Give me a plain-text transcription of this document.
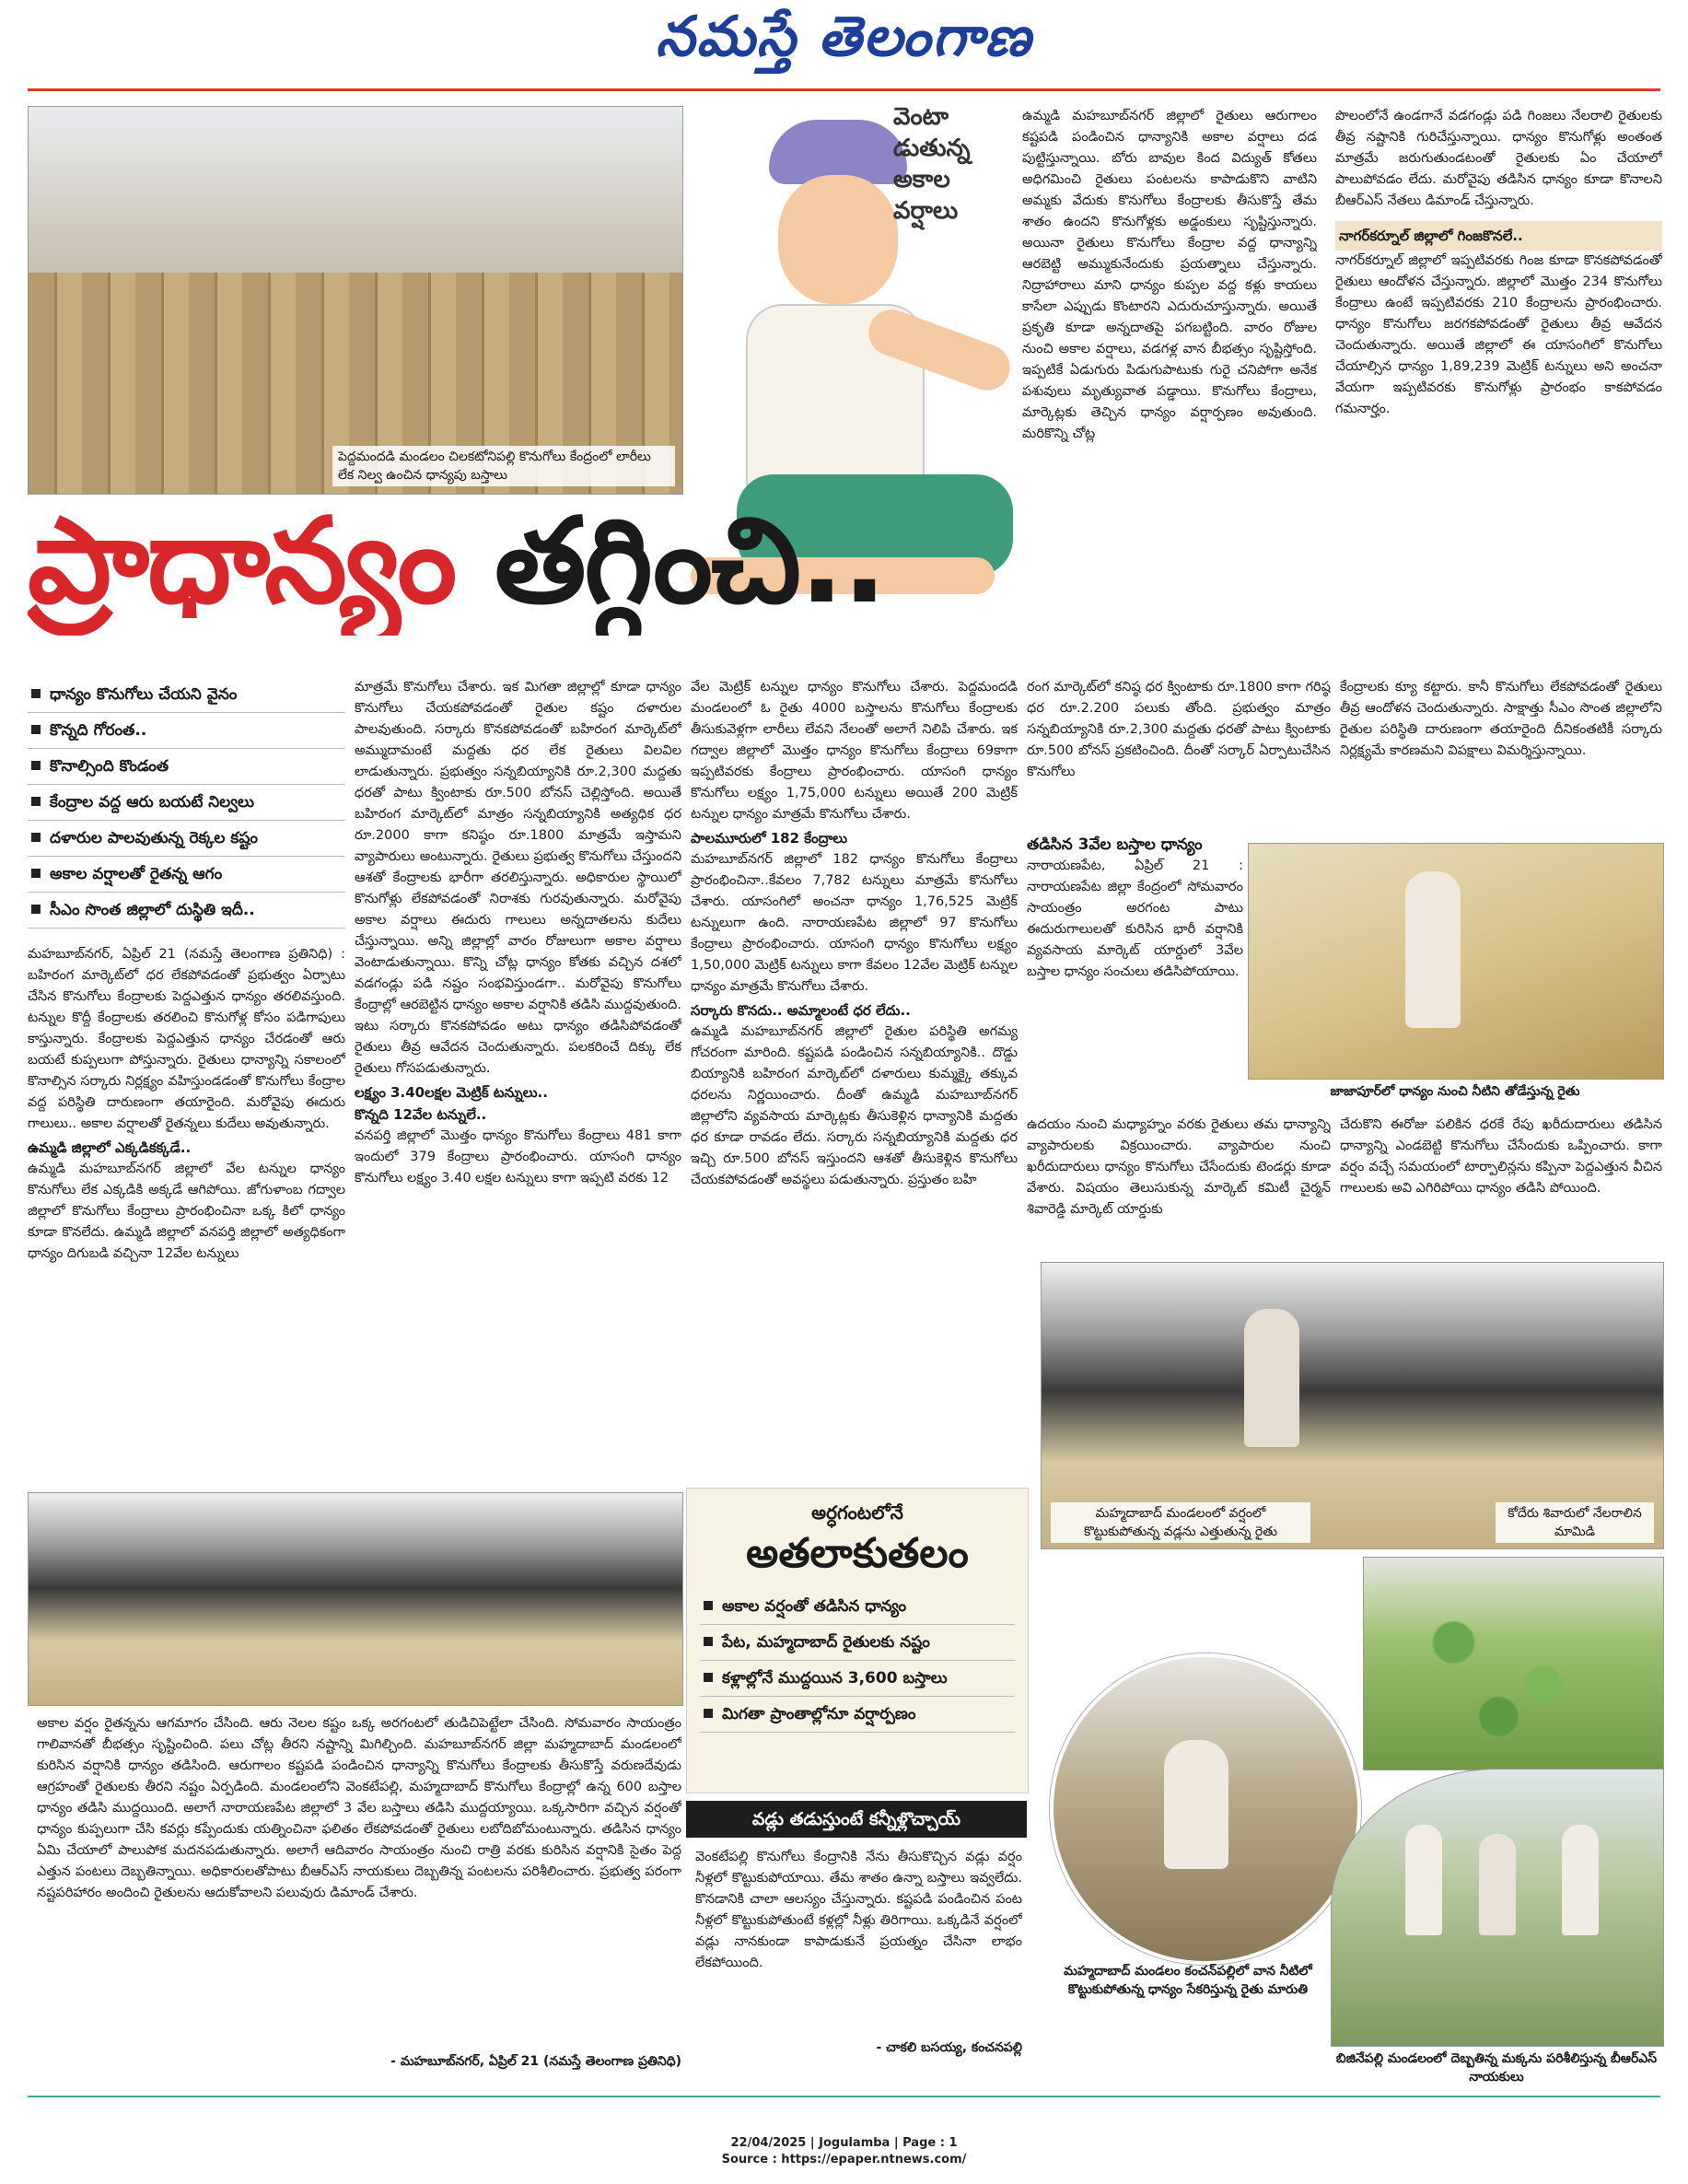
నమస్తే తెలంగాణ
పెద్దమందడి మండలం చిలకటోనిపల్లి కొనుగోలు కేంద్రంలో లారీలు లేక నిల్వ ఉంచిన ధాన్యపు బస్తాలు
వెంటా
డుతున్న
అకాల
వర్షాలు
ప్రాధాన్యం తగ్గించి..

ఉమ్మడి మహబూబ్‌నగర్‌ జిల్లాలో రైతులు ఆరుగాలం కష్టపడి పండించిన ధాన్యానికి అకాల వర్షాలు దడ పుట్టిస్తున్నాయి. బోరు బావుల కింద విద్యుత్‌ కోతలు అధిగమించి రైతులు పంటలను కాపాడుకొని వాటిని అమ్మకు వేదుకు కొనుగోలు కేంద్రాలకు తీసుకొస్తే తేమ శాతం ఉందని కొనుగోళ్లకు అడ్డంకులు సృష్టిస్తున్నారు. అయినా రైతులు కొనుగోలు కేంద్రాల వద్ద ధాన్యాన్ని ఆరబెట్టి అమ్ముకునేందుకు ప్రయత్నాలు చేస్తున్నారు. నిద్రాహారాలు మాని ధాన్యం కుప్పల వద్ద కళ్లు కాయలు కాసేలా ఎప్పుడు కొంటారని ఎదురుచూస్తున్నారు. అయితే ప్రకృతి కూడా అన్నదాతపై పగబట్టింది. వారం రోజుల నుంచి అకాల వర్షాలు, వడగళ్ల వాన బీభత్సం సృష్టిస్తోంది. ఇప్పటికే ఏడుగురు పిడుగుపాటుకు గురై చనిపోగా అనేక పశువులు మృత్యువాత పడ్డాయి. కొనుగోలు కేంద్రాలు, మార్కెట్లకు తెచ్చిన ధాన్యం వర్షార్పణం అవుతుంది. మరికొన్ని చోట్ల

పొలంలోనే ఉండగానే వడగండ్లు పడి గింజలు నేలరాలి రైతులకు తీవ్ర నష్టానికి గురిచేస్తున్నాయి. ధాన్యం కొనుగోళ్లు అంతంత మాత్రమే జరుగుతుండటంతో రైతులకు ఏం చేయాలో పాలుపోవడం లేదు. మరోవైపు తడిసిన ధాన్యం కూడా కొనాలని బీఆర్‌ఎస్‌ నేతలు డిమాండ్‌ చేస్తున్నారు.

నాగర్‌కర్నూల్‌ జిల్లాలో గింజకొనలే..

నాగర్‌కర్నూల్‌ జిల్లాలో ఇప్పటివరకు గింజ కూడా కొనకపోవడంతో రైతులు ఆందోళన చేస్తున్నారు. జిల్లాలో మొత్తం 234 కొనుగోలు కేంద్రాలు ఉంటే ఇప్పటివరకు 210 కేంద్రాలను ప్రారంభించారు. ధాన్యం కొనుగోలు జరగకపోవడంతో రైతులు తీవ్ర ఆవేదన చెందుతున్నారు. అయితే జిల్లాలో ఈ యాసంగిలో కొనుగోలు చేయాల్సిన ధాన్యం 1,89,239 మెట్రిక్‌ టన్నులు అని అంచనా వేయగా ఇప్పటివరకు కొనుగోళ్లు ప్రారంభం కాకపోవడం గమనార్హం.

ధాన్యం కొనుగోలు చేయని వైనం
కొన్నది గోరంత..
కొనాల్సింది కొండంత
కేంద్రాల వద్ద ఆరు బయటే నిల్వలు
దళారుల పాలవుతున్న రెక్కల కష్టం
అకాల వర్షాలతో రైతన్న ఆగం
సీఎం సొంత జిల్లాలో దుస్థితి ఇదీ..

మహబూబ్‌నగర్‌, ఏప్రిల్‌ 21 (నమస్తే తెలంగాణ ప్రతినిధి) : బహిరంగ మార్కెట్‌లో ధర లేకపోవడంతో ప్రభుత్వం ఏర్పాటు చేసిన కొనుగోలు కేంద్రాలకు పెద్దఎత్తున ధాన్యం తరలివస్తుంది. టన్నుల కొద్దీ కేంద్రాలకు తరలించి కొనుగోళ్ల కోసం పడిగాపులు కాస్తున్నారు. కేంద్రాలకు పెద్దఎత్తున ధాన్యం చేరడంతో ఆరు బయటే కుప్పలుగా పోస్తున్నారు. రైతులు ధాన్యాన్ని సకాలంలో కొనాల్సిన సర్కారు నిర్లక్ష్యం వహిస్తుండడంతో కొనుగోలు కేంద్రాల వద్ద పరిస్థితి దారుణంగా తయారైంది. మరోవైపు ఈదురు గాలులు.. అకాల వర్షాలతో రైతన్నలు కుదేలు అవుతున్నారు.

ఉమ్మడి జిల్లాలో ఎక్కడికక్కడే..

ఉమ్మడి మహబూబ్‌నగర్‌ జిల్లాలో వేల టన్నుల ధాన్యం కొనుగోలు లేక ఎక్కడికి అక్కడే ఆగిపోయి. జోగుళాంబ గద్వాల జిల్లాలో కొనుగోలు కేంద్రాలు ప్రారంభించినా ఒక్క కిలో ధాన్యం కూడా కొనలేదు. ఉమ్మడి జిల్లాలో వనపర్తి జిల్లాలో అత్యధికంగా ధాన్యం దిగుబడి వచ్చినా 12వేల టన్నులు

మాత్రమే కొనుగోలు చేశారు. ఇక మిగతా జిల్లాల్లో కూడా ధాన్యం కొనుగోలు చేయకపోవడంతో రైతుల కష్టం దళారుల పాలవుతుంది. సర్కారు కొనకపోవడంతో బహిరంగ మార్కెట్‌లో అమ్ముదామంటే మద్దతు ధర లేక రైతులు విలవిల లాడుతున్నారు. ప్రభుత్వం సన్నబియ్యానికి రూ.2,300 మద్దతు ధరతో పాటు క్వింటాకు రూ.500 బోనస్‌ చెల్లిస్తోంది. అయితే బహిరంగ మార్కెట్‌లో మాత్రం సన్నబియ్యానికి అత్యధిక ధర రూ.2000 కాగా కనిష్ఠం రూ.1800 మాత్రమే ఇస్తామని వ్యాపారులు అంటున్నారు. రైతులు ప్రభుత్వ కొనుగోలు చేస్తుందని ఆశతో కేంద్రాలకు భారీగా తరలిస్తున్నారు. అధికారుల స్థాయిలో కొనుగోళ్లు లేకపోవడంతో నిరాశకు గురవుతున్నారు. మరోవైపు అకాల వర్షాలు ఈదురు గాలులు అన్నదాతలను కుదేలు చేస్తున్నాయి. అన్ని జిల్లాల్లో వారం రోజులుగా అకాల వర్షాలు వెంటాడుతున్నాయి. కొన్ని చోట్ల ధాన్యం కోతకు వచ్చిన దశలో వడగండ్లు పడి నష్టం సంభవిస్తుండగా.. మరోవైపు కొనుగోలు కేంద్రాల్లో ఆరబెట్టిన ధాన్యం అకాల వర్షానికి తడిసి ముద్దవుతుంది. ఇటు సర్కారు కొనకపోవడం అటు ధాన్యం తడిసిపోవడంతో రైతులు తీవ్ర ఆవేదన చెందుతున్నారు. పలకరించే దిక్కు లేక రైతులు గోసపడుతున్నారు.

లక్ష్యం 3.40లక్షల మెట్రిక్‌ టన్నులు..
కొన్నది 12వేల టన్నులే..

వనపర్తి జిల్లాలో మొత్తం ధాన్యం కొనుగోలు కేంద్రాలు 481 కాగా ఇందులో 379 కేంద్రాలు ప్రారంభించారు. యాసంగి ధాన్యం కొనుగోలు లక్ష్యం 3.40 లక్షల టన్నులు కాగా ఇప్పటి వరకు 12

వేల మెట్రిక్‌ టన్నుల ధాన్యం కొనుగోలు చేశారు. పెద్దమందడి మండలంలో ఓ రైతు 4000 బస్తాలను కొనుగోలు కేంద్రాలకు తీసుకువెళ్లగా లారీలు లేవని నేలంతో అలాగే నిలిపి చేశారు. ఇక గద్వాల జిల్లాలో మొత్తం ధాన్యం కొనుగోలు కేంద్రాలు 69కాగా ఇప్పటివరకు కేంద్రాలు ప్రారంభించారు. యాసంగి ధాన్యం కొనుగోలు లక్ష్యం 1,75,000 టన్నులు అయితే 200 మెట్రిక్‌ టన్నుల ధాన్యం మాత్రమే కొనుగోలు చేశారు.

పాలమూరులో 182 కేంద్రాలు

మహబూబ్‌నగర్‌ జిల్లాలో 182 ధాన్యం కొనుగోలు కేంద్రాలు ప్రారంభించినా..కేవలం 7,782 టన్నులు మాత్రమే కొనుగోలు చేశారు. యాసంగిలో అంచనా ధాన్యం 1,76,525 మెట్రిక్‌ టన్నులుగా ఉంది. నారాయణపేట జిల్లాలో 97 కొనుగోలు కేంద్రాలు ప్రారంభించారు. యాసంగి ధాన్యం కొనుగోలు లక్ష్యం 1,50,000 మెట్రిక్‌ టన్నులు కాగా కేవలం 12వేల మెట్రిక్‌ టన్నుల ధాన్యం మాత్రమే కొనుగోలు చేశారు.

సర్కారు కొనదు.. అమ్మాలంటే ధర లేదు..

ఉమ్మడి మహబూబ్‌నగర్‌ జిల్లాలో రైతుల పరిస్థితి అగమ్య గోచరంగా మారింది. కష్టపడి పండించిన సన్నబియ్యానికి.. దొడ్డు బియ్యానికి బహిరంగ మార్కెట్‌లో దళారులు కుమ్మక్కై తక్కువ ధరలను నిర్ణయించారు. దీంతో ఉమ్మడి మహబూబ్‌నగర్‌ జిల్లాలోని వ్యవసాయ మార్కెట్లకు తీసుకెళ్లిన ధాన్యానికి మద్దతు ధర కూడా రావడం లేదు. సర్కారు సన్నబియ్యానికి మద్దతు ధర ఇచ్చి రూ.500 బోనస్‌ ఇస్తుందని ఆశతో తీసుకెళ్లిన కొనుగోలు చేయకపోవడంతో అవస్థలు పడుతున్నారు. ప్రస్తుతం బహి

రంగ మార్కెట్‌లో కనిష్ఠ ధర క్వింటాకు రూ.1800 కాగా గరిష్ఠ ధర రూ.2.200 పలుకు తోంది. ప్రభుత్వం మాత్రం సన్నబియ్యానికి రూ.2,300 మద్దతు ధరతో పాటు క్వింటాకు రూ.500 బోనస్‌ ప్రకటించింది. దీంతో సర్కార్‌ ఏర్పాటుచేసిన కొనుగోలు

కేంద్రాలకు క్యూ కట్టారు. కానీ కొనుగోలు లేకపోవడంతో రైతులు తీవ్ర ఆందోళన చెందుతున్నారు. సాక్షాత్తు సీఎం సొంత జిల్లాలోని రైతుల పరిస్థితి దారుణంగా తయారైంది దీనికంతటికీ సర్కారు నిర్లక్ష్యమే కారణమని విపక్షాలు విమర్శిస్తున్నాయి.

తడిసిన 3వేల బస్తాల ధాన్యం
నారాయణపేట, ఏప్రిల్‌ 21 : నారాయణపేట జిల్లా కేంద్రంలో సోమవారం సాయంత్రం అరగంట పాటు ఈదురుగాలులతో కురిసిన భారీ వర్షానికి వ్యవసాయ మార్కెట్‌ యార్డులో 3వేల బస్తాల ధాన్యం సంచులు తడిసిపోయాయి.
జాజాపూర్‌లో ధాన్యం నుంచి నీటిని తోడేస్తున్న రైతు
ఉదయం నుంచి మధ్యాహ్నం వరకు రైతులు తమ ధాన్యాన్ని వ్యాపారులకు విక్రయించారు. వ్యాపారుల నుంచి ఖరీదుదారులు ధాన్యం కొనుగోలు చేసేందుకు టెండర్లు కూడా వేశారు. విషయం తెలుసుకున్న మార్కెట్‌ కమిటీ చైర్మన్‌ శివారెడ్డి మార్కెట్‌ యార్డుకు
చేరుకొని ఈరోజు పలికిన ధరకే రేపు ఖరీదుదారులు తడిసిన ధాన్యాన్ని ఎండబెట్టి కొనుగోలు చేసేందుకు ఒప్పించారు. కాగా వర్షం వచ్చే సమయంలో టార్పాలిన్లను కప్పినా పెద్దఎత్తున వీచిన గాలులకు అవి ఎగిరిపోయి ధాన్యం తడిసి పోయింది.
మహ్మదాబాద్‌ మండలంలో వర్షంలో కొట్టుకుపోతున్న వడ్లను ఎత్తుతున్న రైతు
కోదేరు శివారులో నేలరాలిన మామిడి

అకాల వర్షం రైతన్నను ఆగమాగం చేసింది. ఆరు నెలల కష్టం ఒక్క అరగంటలో తుడిచిపెట్టేలా చేసింది. సోమవారం సాయంత్రం గాలివానతో బీభత్సం సృష్టించింది. పలు చోట్ల తీరని నష్టాన్ని మిగిల్చింది. మహబూబ్‌నగర్‌ జిల్లా మహ్మదాబాద్‌ మండలంలో కురిసిన వర్షానికి ధాన్యం తడిసింది. ఆరుగాలం కష్టపడి పండించిన ధాన్యాన్ని కొనుగోలు కేంద్రాలకు తీసుకొస్తే వరుణదేవుడు ఆగ్రహంతో రైతులకు తీరని నష్టం ఏర్పడింది. మండలంలోని వెంకటేపల్లి, మహ్మదాబాద్‌ కొనుగోలు కేంద్రాల్లో ఉన్న 600 బస్తాల ధాన్యం తడిసి ముద్దయింది. అలాగే నారాయణపేట జిల్లాలో 3 వేల బస్తాలు తడిసి ముద్దయ్యాయి. ఒక్కసారిగా వచ్చిన వర్షంతో ధాన్యం కుప్పలుగా చేసి కవర్లు కప్పేందుకు యత్నించినా ఫలితం లేకపోవడంతో రైతులు లబోదిబోమంటున్నారు. తడిసిన ధాన్యం ఏమి చేయాలో పాలుపోక మదనపడుతున్నారు. అలాగే ఆదివారం సాయంత్రం నుంచి రాత్రి వరకు కురిసిన వర్షానికి సైతం పెద్ద ఎత్తున పంటలు దెబ్బతిన్నాయి. అధికారులతోపాటు బీఆర్‌ఎస్‌ నాయకులు దెబ్బతిన్న పంటలను పరిశీలించారు. ప్రభుత్వ పరంగా నష్టపరిహారం అందించి రైతులను ఆదుకోవాలని పలువురు డిమాండ్‌ చేశారు.

- మహబూబ్‌నగర్‌, ఏప్రిల్‌ 21 (నమస్తే తెలంగాణ ప్రతినిధి)
అర్ధగంటలోనే
అతలాకుతలం
అకాల వర్షంతో తడిసిన ధాన్యం
పేట, మహ్మదాబాద్‌ రైతులకు నష్టం
కళ్లాల్లోనే ముద్దయిన 3,600 బస్తాలు
మిగతా ప్రాంతాల్లోనూ వర్షార్పణం
వడ్లు తడుస్తుంటే కన్నీళ్లొచ్చాయ్‌
వెంకటేపల్లి కొనుగోలు కేంద్రానికి నేను తీసుకొచ్చిన వడ్లు వర్షం నీళ్లలో కొట్టుకుపోయాయి. తేమ శాతం ఉన్నా బస్తాలు ఇవ్వలేదు. కొనడానికి చాలా ఆలస్యం చేస్తున్నారు. కష్టపడి పండించిన పంట నీళ్లలో కొట్టుకుపోతుంటే కళ్లల్లో నీళ్లు తిరిగాయి. ఒక్కడినే వర్షంలో వడ్లు నానకుండా కాపాడుకునే ప్రయత్నం చేసినా లాభం లేకపోయింది.
- చాకలి బసయ్య, కంచనపల్లి
మహ్మదాబాద్‌ మండలం కంచన్‌పల్లిలో వాన నీటిలో కొట్టుకుపోతున్న ధాన్యం సేకరిస్తున్న రైతు మారుతి
బిజినేపల్లి మండలంలో దెబ్బతిన్న మక్కను పరిశీలిస్తున్న బీఆర్‌ఎస్‌ నాయకులు
22/04/2025 | Jogulamba | Page : 1
Source : https://epaper.ntnews.com/
